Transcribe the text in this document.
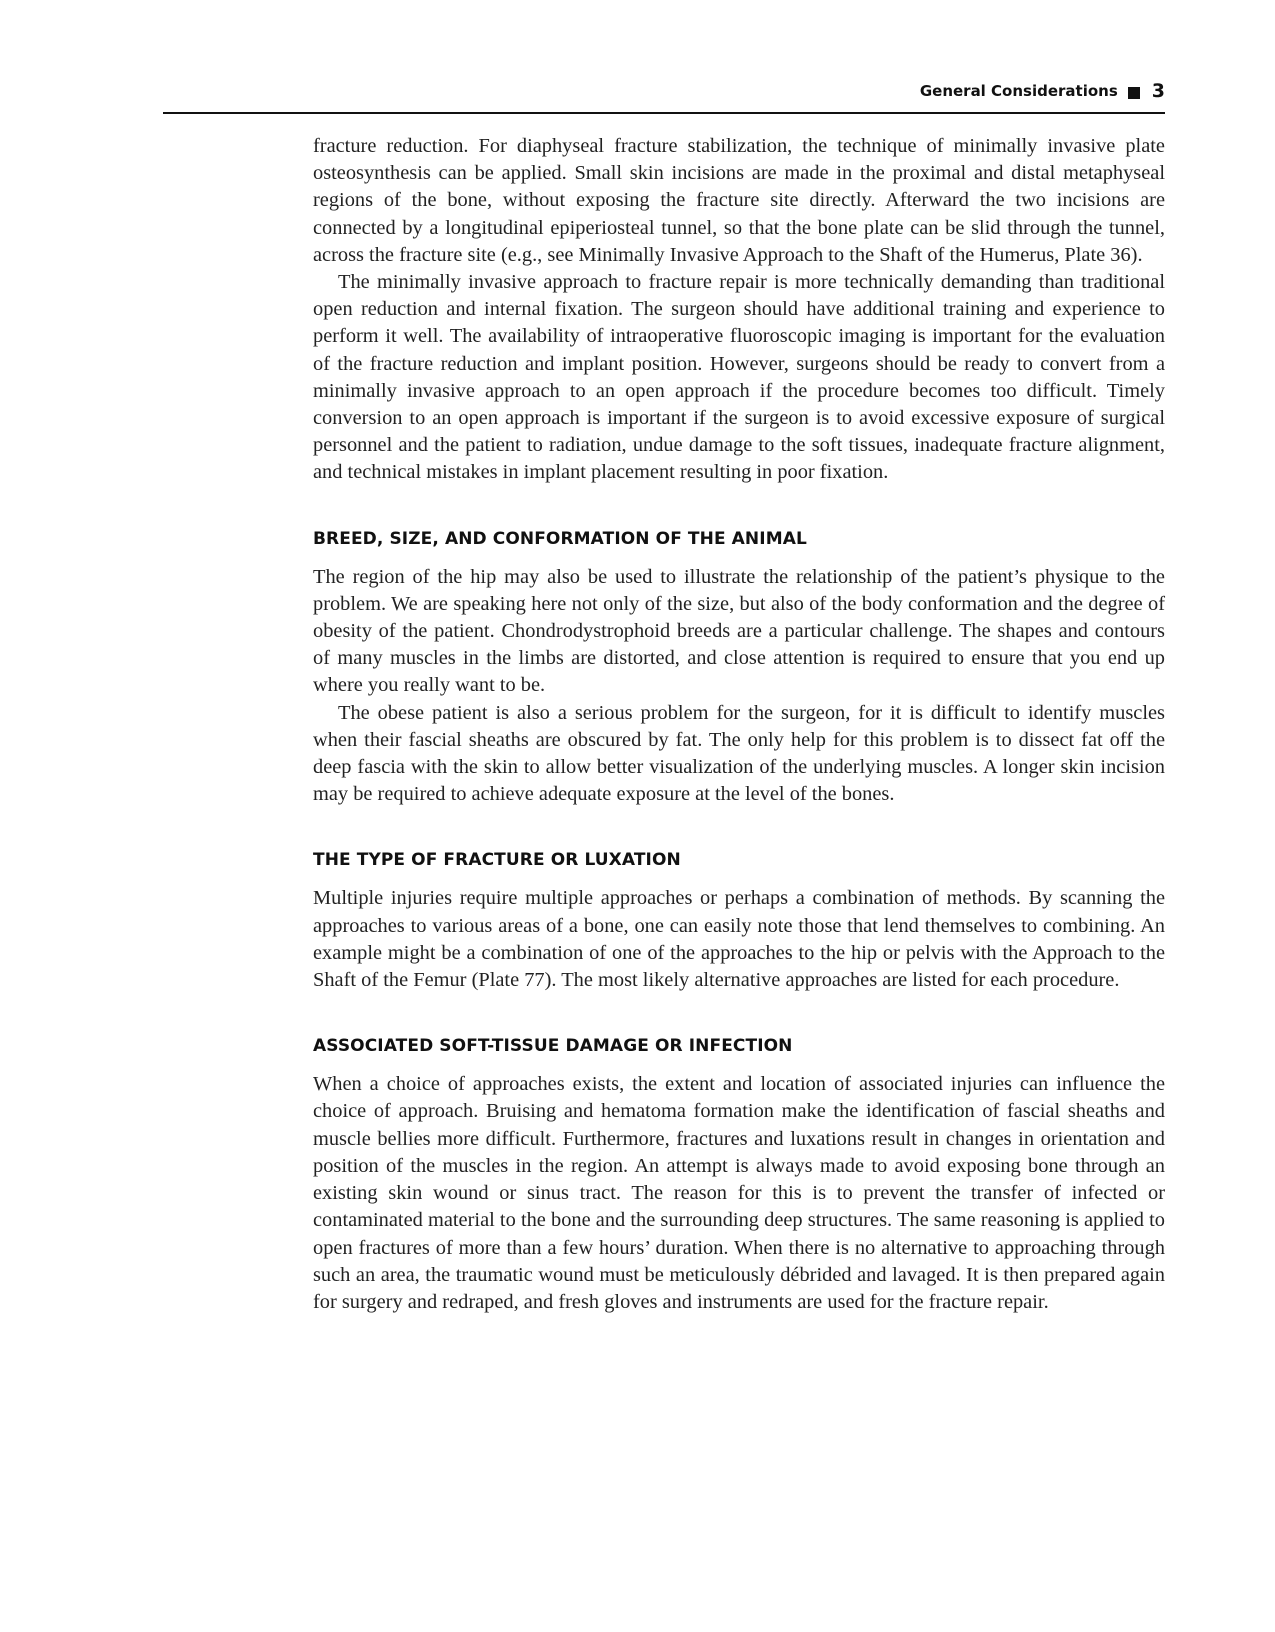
General Considerations 3

fracture reduction. For diaphyseal fracture stabilization, the technique of minimally invasive plate osteosynthesis can be applied. Small skin incisions are made in the proximal and distal metaphyseal regions of the bone, without exposing the fracture site directly. Afterward the two incisions are connected by a longitudinal epiperiosteal tunnel, so that the bone plate can be slid through the tunnel, across the fracture site (e.g., see Minimally Invasive Approach to the Shaft of the Humerus, Plate 36).

The minimally invasive approach to fracture repair is more technically demanding than traditional open reduction and internal fixation. The surgeon should have additional training and experience to perform it well. The availability of intraoperative fluoroscopic imaging is important for the evaluation of the fracture reduction and implant position. However, surgeons should be ready to convert from a minimally invasive approach to an open approach if the procedure becomes too difficult. Timely conversion to an open approach is important if the surgeon is to avoid excessive exposure of surgical personnel and the patient to radiation, undue damage to the soft tissues, inadequate fracture alignment, and technical mistakes in implant placement resulting in poor fixation.

BREED, SIZE, AND CONFORMATION OF THE ANIMAL

The region of the hip may also be used to illustrate the relationship of the patient’s physique to the problem. We are speaking here not only of the size, but also of the body conformation and the degree of obesity of the patient. Chondrodystrophoid breeds are a particular challenge. The shapes and contours of many muscles in the limbs are distorted, and close attention is required to ensure that you end up where you really want to be.

The obese patient is also a serious problem for the surgeon, for it is difficult to identify muscles when their fascial sheaths are obscured by fat. The only help for this problem is to dissect fat off the deep fascia with the skin to allow better visualization of the underlying muscles. A longer skin incision may be required to achieve adequate exposure at the level of the bones.

THE TYPE OF FRACTURE OR LUXATION

Multiple injuries require multiple approaches or perhaps a combination of methods. By scanning the approaches to various areas of a bone, one can easily note those that lend themselves to combining. An example might be a combination of one of the approaches to the hip or pelvis with the Approach to the Shaft of the Femur (Plate 77). The most likely alternative approaches are listed for each procedure.

ASSOCIATED SOFT-TISSUE DAMAGE OR INFECTION

When a choice of approaches exists, the extent and location of associated injuries can influence the choice of approach. Bruising and hematoma formation make the identification of fascial sheaths and muscle bellies more difficult. Furthermore, fractures and luxations result in changes in orientation and position of the muscles in the region. An attempt is always made to avoid exposing bone through an existing skin wound or sinus tract. The reason for this is to prevent the transfer of infected or contaminated material to the bone and the surrounding deep structures. The same reasoning is applied to open fractures of more than a few hours’ duration. When there is no alternative to approaching through such an area, the traumatic wound must be meticulously débrided and lavaged. It is then prepared again for surgery and redraped, and fresh gloves and instruments are used for the fracture repair.
